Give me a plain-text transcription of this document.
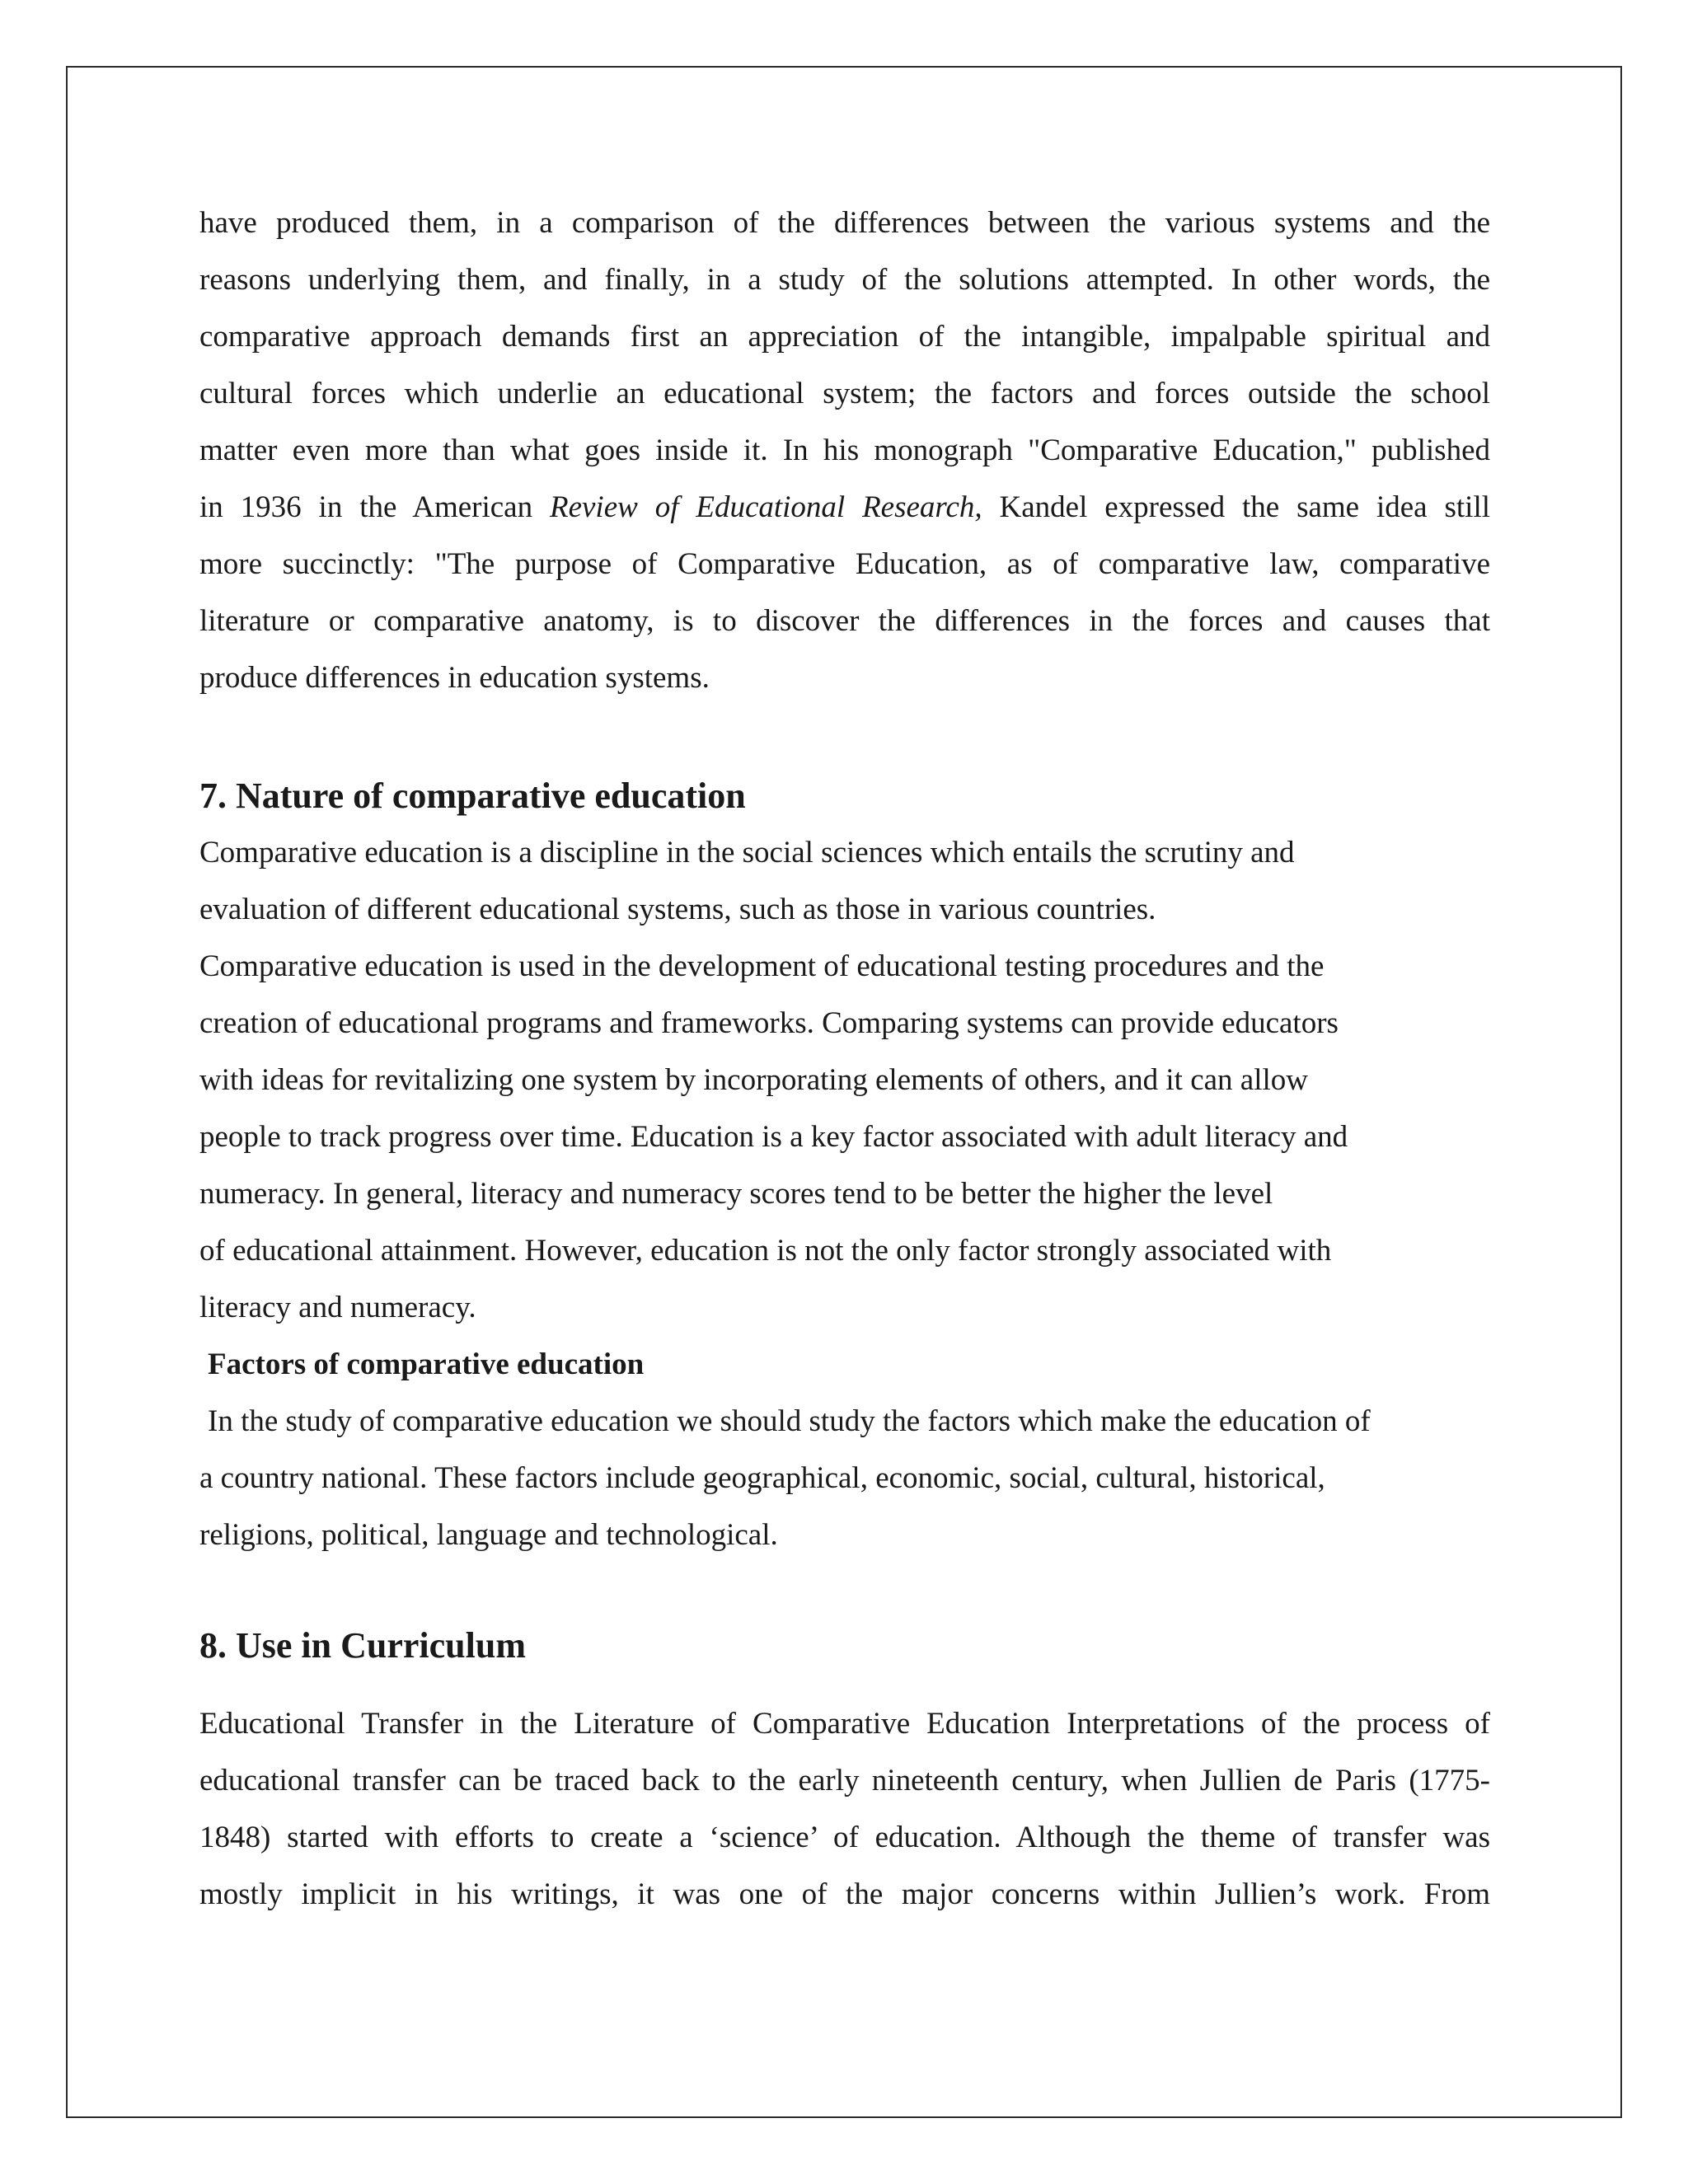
have produced them, in a comparison of the differences between the various systems and the
reasons underlying them, and finally, in a study of the solutions attempted. In other words, the
comparative approach demands first an appreciation of the intangible, impalpable spiritual and
cultural forces which underlie an educational system; the factors and forces outside the school
matter even more than what goes inside it. In his monograph "Comparative Education," published
in 1936 in the American Review of Educational Research, Kandel expressed the same idea still
more succinctly: "The purpose of Comparative Education, as of comparative law, comparative
literature or comparative anatomy, is to discover the differences in the forces and causes that
produce differences in education systems.
7. Nature of comparative education
Comparative education is a discipline in the social sciences which entails the scrutiny and
evaluation of different educational systems, such as those in various countries.
Comparative education is used in the development of educational testing procedures and the
creation of educational programs and frameworks. Comparing systems can provide educators
with ideas for revitalizing one system by incorporating elements of others, and it can allow
people to track progress over time. Education is a key factor associated with adult literacy and
numeracy. In general, literacy and numeracy scores tend to be better the higher the level
of educational attainment. However, education is not the only factor strongly associated with
literacy and numeracy.
Factors of comparative education
In the study of comparative education we should study the factors which make the education of
a country national. These factors include geographical, economic, social, cultural, historical,
religions, political, language and technological.
8. Use in Curriculum
Educational Transfer in the Literature of Comparative Education Interpretations of the process of
educational transfer can be traced back to the early nineteenth century, when Jullien de Paris (1775-
1848) started with efforts to create a ‘science’ of education. Although the theme of transfer was
mostly implicit in his writings, it was one of the major concerns within Jullien’s work. From
